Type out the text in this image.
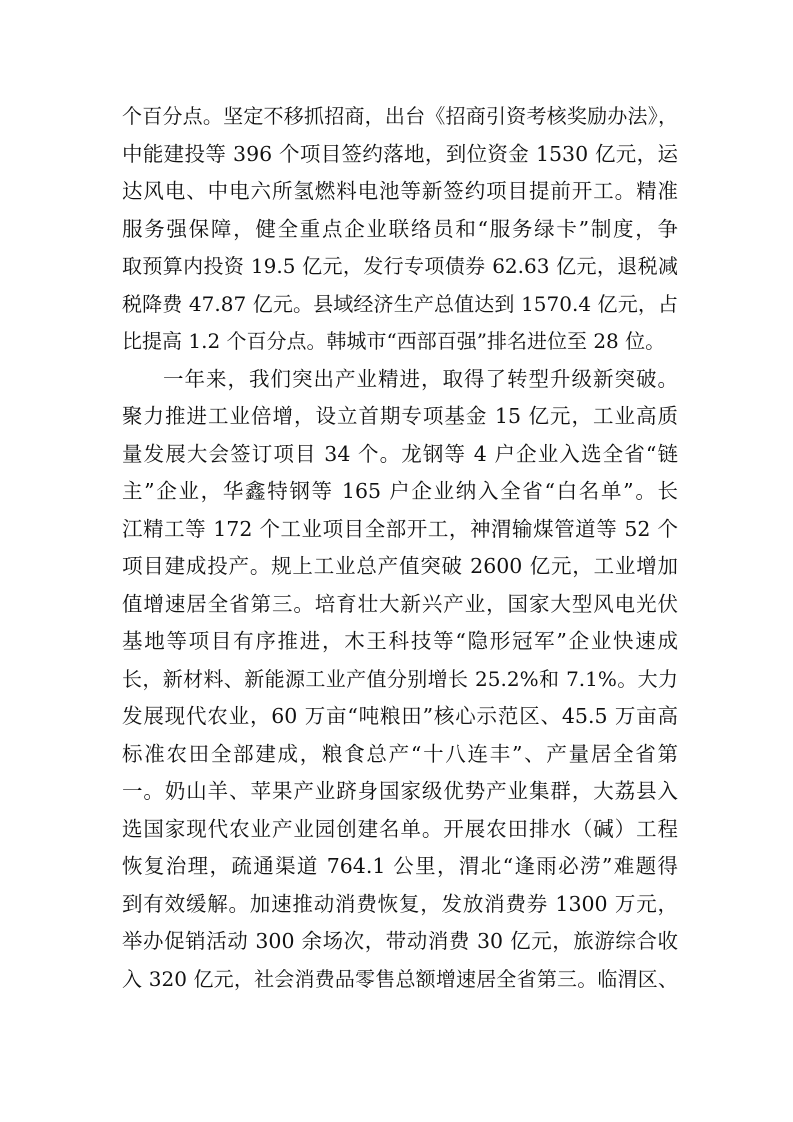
个百分点。坚定不移抓招商，出台《招商引资考核奖励办法》，
中能建投等 396 个项目签约落地，到位资金 1530 亿元，运
达风电、中电六所氢燃料电池等新签约项目提前开工。精准
服务强保障，健全重点企业联络员和“服务绿卡”制度，争
取预算内投资 19.5 亿元，发行专项债券 62.63 亿元，退税减
税降费 47.87 亿元。县域经济生产总值达到 1570.4 亿元，占
比提高 1.2 个百分点。韩城市“西部百强”排名进位至 28 位。
一年来，我们突出产业精进，取得了转型升级新突破。
聚力推进工业倍增，设立首期专项基金 15 亿元，工业高质
量发展大会签订项目 34 个。龙钢等 4 户企业入选全省“链
主”企业，华鑫特钢等 165 户企业纳入全省“白名单”。长
江精工等 172 个工业项目全部开工，神渭输煤管道等 52 个
项目建成投产。规上工业总产值突破 2600 亿元，工业增加
值增速居全省第三。培育壮大新兴产业，国家大型风电光伏
基地等项目有序推进，木王科技等“隐形冠军”企业快速成
长，新材料、新能源工业产值分别增长 25.2%和 7.1%。大力
发展现代农业，60 万亩“吨粮田”核心示范区、45.5 万亩高
标准农田全部建成，粮食总产“十八连丰”、产量居全省第
一。奶山羊、苹果产业跻身国家级优势产业集群，大荔县入
选国家现代农业产业园创建名单。开展农田排水（碱）工程
恢复治理，疏通渠道 764.1 公里，渭北“逢雨必涝”难题得
到有效缓解。加速推动消费恢复，发放消费券 1300 万元，
举办促销活动 300 余场次，带动消费 30 亿元，旅游综合收
入 320 亿元，社会消费品零售总额增速居全省第三。临渭区、
